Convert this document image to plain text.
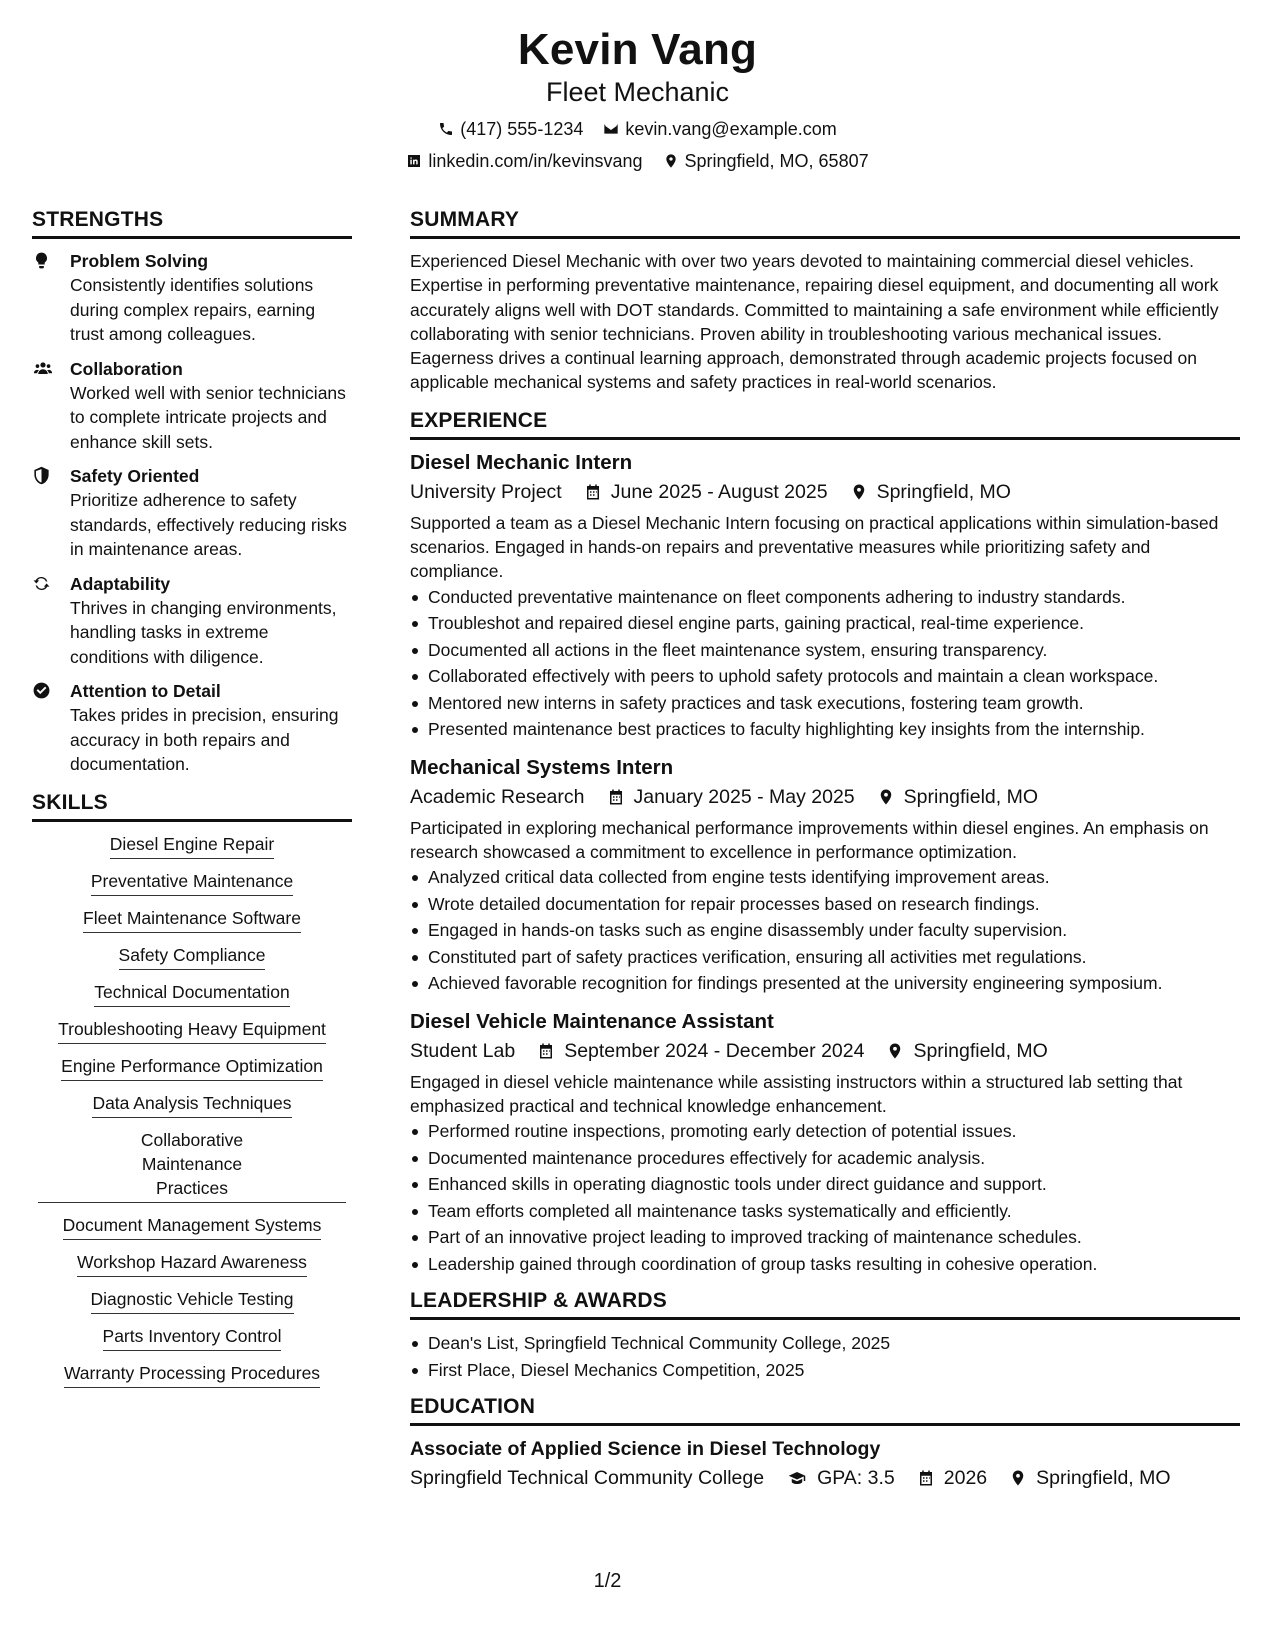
Kevin Vang
Fleet Mechanic
(417) 555-1234 kevin.vang@example.com
linkedin.com/in/kevinsvang Springfield, MO, 65807
STRENGTHS
Problem Solving
Consistently identifies solutions during complex repairs, earning trust among colleagues.
Collaboration
Worked well with senior technicians to complete intricate projects and enhance skill sets.
Safety Oriented
Prioritize adherence to safety standards, effectively reducing risks in maintenance areas.
Adaptability
Thrives in changing environments, handling tasks in extreme conditions with diligence.
Attention to Detail
Takes prides in precision, ensuring accuracy in both repairs and documentation.
SKILLS
Diesel Engine Repair
Preventative Maintenance
Fleet Maintenance Software
Safety Compliance
Technical Documentation
Troubleshooting Heavy Equipment
Engine Performance Optimization
Data Analysis Techniques
Collaborative Maintenance Practices
Document Management Systems
Workshop Hazard Awareness
Diagnostic Vehicle Testing
Parts Inventory Control
Warranty Processing Procedures
SUMMARY
Experienced Diesel Mechanic with over two years devoted to maintaining commercial diesel vehicles. Expertise in performing preventative maintenance, repairing diesel equipment, and documenting all work accurately aligns well with DOT standards. Committed to maintaining a safe environment while efficiently collaborating with senior technicians. Proven ability in troubleshooting various mechanical issues. Eagerness drives a continual learning approach, demonstrated through academic projects focused on applicable mechanical systems and safety practices in real-world scenarios.
EXPERIENCE
Diesel Mechanic Intern
University Project	June 2025 - August 2025	Springfield, MO
Supported a team as a Diesel Mechanic Intern focusing on practical applications within simulation-based scenarios. Engaged in hands-on repairs and preventative measures while prioritizing safety and compliance.
Conducted preventative maintenance on fleet components adhering to industry standards.
Troubleshot and repaired diesel engine parts, gaining practical, real-time experience.
Documented all actions in the fleet maintenance system, ensuring transparency.
Collaborated effectively with peers to uphold safety protocols and maintain a clean workspace.
Mentored new interns in safety practices and task executions, fostering team growth.
Presented maintenance best practices to faculty highlighting key insights from the internship.
Mechanical Systems Intern
Academic Research	January 2025 - May 2025	Springfield, MO
Participated in exploring mechanical performance improvements within diesel engines. An emphasis on research showcased a commitment to excellence in performance optimization.
Analyzed critical data collected from engine tests identifying improvement areas.
Wrote detailed documentation for repair processes based on research findings.
Engaged in hands-on tasks such as engine disassembly under faculty supervision.
Constituted part of safety practices verification, ensuring all activities met regulations.
Achieved favorable recognition for findings presented at the university engineering symposium.
Diesel Vehicle Maintenance Assistant
Student Lab	September 2024 - December 2024	Springfield, MO
Engaged in diesel vehicle maintenance while assisting instructors within a structured lab setting that emphasized practical and technical knowledge enhancement.
Performed routine inspections, promoting early detection of potential issues.
Documented maintenance procedures effectively for academic analysis.
Enhanced skills in operating diagnostic tools under direct guidance and support.
Team efforts completed all maintenance tasks systematically and efficiently.
Part of an innovative project leading to improved tracking of maintenance schedules.
Leadership gained through coordination of group tasks resulting in cohesive operation.
LEADERSHIP & AWARDS
Dean's List, Springfield Technical Community College, 2025
First Place, Diesel Mechanics Competition, 2025
EDUCATION
Associate of Applied Science in Diesel Technology
Springfield Technical Community College	GPA: 3.5	2026	Springfield, MO
1/2
